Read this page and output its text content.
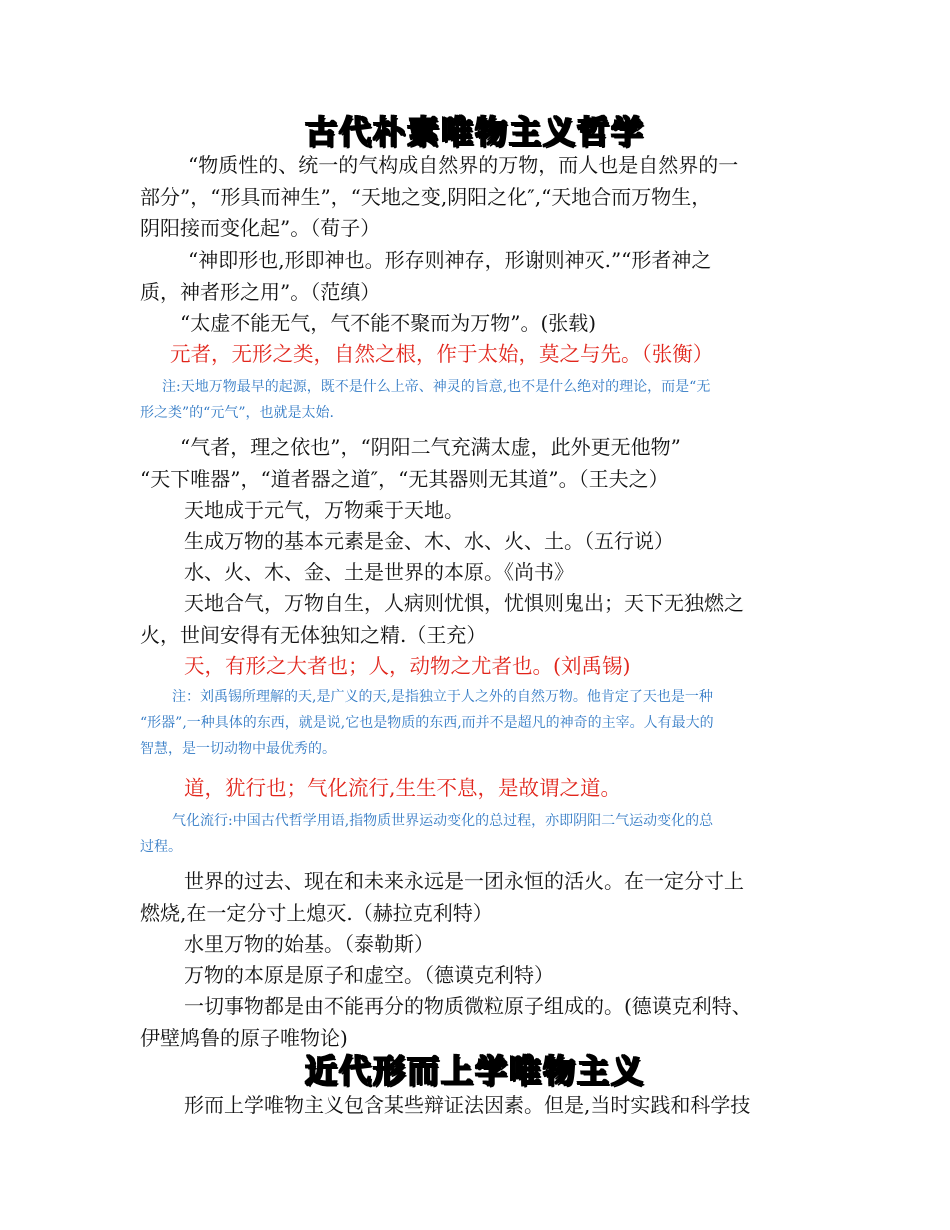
古代朴素唯物主义哲学
“物质性的、统一的气构成自然界的万物，而人也是自然界的一
部分”，“形具而神生”，“天地之变,阴阳之化″,“天地合而万物生，
阴阳接而变化起”。（荀子）
“神即形也,形即神也。形存则神存，形谢则神灭.”“形者神之
质，神者形之用”。（范缜）
“太虚不能无气，气不能不聚而为万物”。(张载)
元者，无形之类，自然之根，作于太始，莫之与先。（张衡）
注:天地万物最早的起源，既不是什么上帝、神灵的旨意,也不是什么绝对的理论，而是“无
形之类”的“元气”，也就是太始.
“气者，理之依也”，“阴阳二气充满太虚，此外更无他物”
“天下唯器”，“道者器之道″，“无其器则无其道”。（王夫之）
天地成于元气，万物乘于天地。
生成万物的基本元素是金、木、水、火、土。（五行说）
水、火、木、金、土是世界的本原。《尚书》
天地合气，万物自生，人病则忧惧，忧惧则鬼出；天下无独燃之
火，世间安得有无体独知之精.（王充）
天，有形之大者也；人，动物之尤者也。(刘禹锡)
注：刘禹锡所理解的天,是广义的天,是指独立于人之外的自然万物。他肯定了天也是一种
“形器”,一种具体的东西，就是说,它也是物质的东西,而并不是超凡的神奇的主宰。人有最大的
智慧，是一切动物中最优秀的。
道，犹行也；气化流行,生生不息，是故谓之道。
气化流行:中国古代哲学用语,指物质世界运动变化的总过程，亦即阴阳二气运动变化的总
过程。
世界的过去、现在和未来永远是一团永恒的活火。在一定分寸上
燃烧,在一定分寸上熄灭.（赫拉克利特）
水里万物的始基。（泰勒斯）
万物的本原是原子和虚空。（德谟克利特）
一切事物都是由不能再分的物质微粒原子组成的。(德谟克利特、
伊壁鸠鲁的原子唯物论)
近代形而上学唯物主义
形而上学唯物主义包含某些辩证法因素。但是,当时实践和科学技
